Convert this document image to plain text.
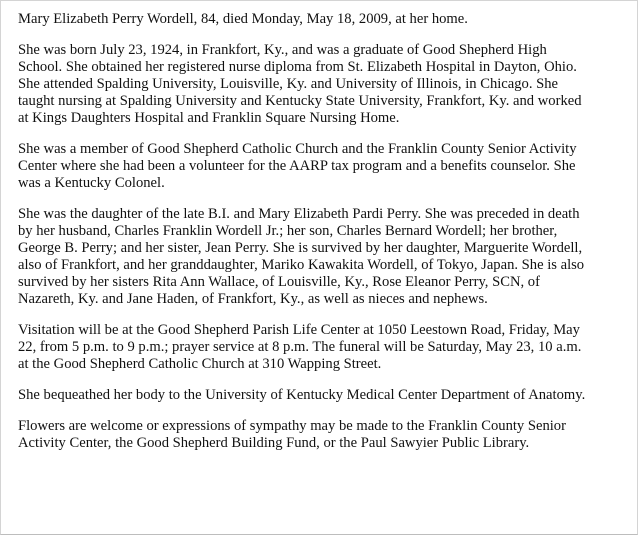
Mary Elizabeth Perry Wordell, 84, died Monday, May 18, 2009, at her home.

She was born July 23, 1924, in Frankfort, Ky., and was a graduate of Good Shepherd High
School. She obtained her registered nurse diploma from St. Elizabeth Hospital in Dayton, Ohio.
She attended Spalding University, Louisville, Ky. and University of Illinois, in Chicago. She
taught nursing at Spalding University and Kentucky State University, Frankfort, Ky. and worked
at Kings Daughters Hospital and Franklin Square Nursing Home.

She was a member of Good Shepherd Catholic Church and the Franklin County Senior Activity
Center where she had been a volunteer for the AARP tax program and a benefits counselor. She
was a Kentucky Colonel.

She was the daughter of the late B.I. and Mary Elizabeth Pardi Perry. She was preceded in death
by her husband, Charles Franklin Wordell Jr.; her son, Charles Bernard Wordell; her brother,
George B. Perry; and her sister, Jean Perry. She is survived by her daughter, Marguerite Wordell,
also of Frankfort, and her granddaughter, Mariko Kawakita Wordell, of Tokyo, Japan. She is also
survived by her sisters Rita Ann Wallace, of Louisville, Ky., Rose Eleanor Perry, SCN, of
Nazareth, Ky. and Jane Haden, of Frankfort, Ky., as well as nieces and nephews.

Visitation will be at the Good Shepherd Parish Life Center at 1050 Leestown Road, Friday, May
22, from 5 p.m. to 9 p.m.; prayer service at 8 p.m. The funeral will be Saturday, May 23, 10 a.m.
at the Good Shepherd Catholic Church at 310 Wapping Street.

She bequeathed her body to the University of Kentucky Medical Center Department of Anatomy.

Flowers are welcome or expressions of sympathy may be made to the Franklin County Senior
Activity Center, the Good Shepherd Building Fund, or the Paul Sawyier Public Library.
